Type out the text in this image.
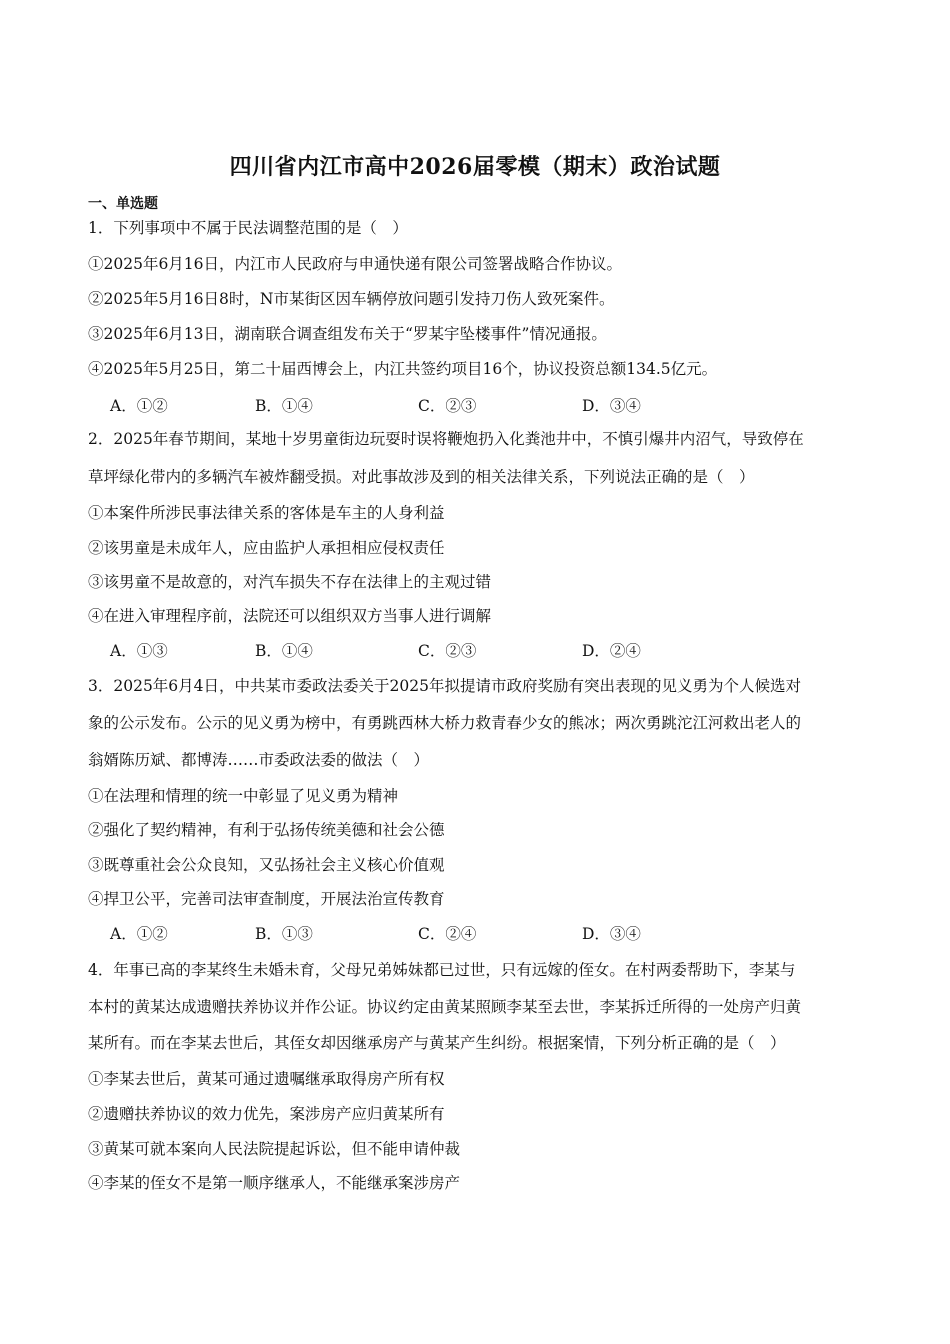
四川省内江市高中2026届零模（期末）政治试题
一、单选题
1．下列事项中不属于民法调整范围的是（　）
①2025年6月16日，内江市人民政府与申通快递有限公司签署战略合作协议。
②2025年5月16日8时，N市某街区因车辆停放问题引发持刀伤人致死案件。
③2025年6月13日，湖南联合调查组发布关于“罗某宇坠楼事件”情况通报。
④2025年5月25日，第二十届西博会上，内江共签约项目16个，协议投资总额134.5亿元。
A．①②	B．①④	C．②③	D．③④
2．2025年春节期间，某地十岁男童街边玩耍时误将鞭炮扔入化粪池井中，不慎引爆井内沼气，导致停在
草坪绿化带内的多辆汽车被炸翻受损。对此事故涉及到的相关法律关系，下列说法正确的是（　）
①本案件所涉民事法律关系的客体是车主的人身利益
②该男童是未成年人，应由监护人承担相应侵权责任
③该男童不是故意的，对汽车损失不存在法律上的主观过错
④在进入审理程序前，法院还可以组织双方当事人进行调解
A．①③	B．①④	C．②③	D．②④
3．2025年6月4日，中共某市委政法委关于2025年拟提请市政府奖励有突出表现的见义勇为个人候选对
象的公示发布。公示的见义勇为榜中，有勇跳西林大桥力救青春少女的熊冰；两次勇跳沱江河救出老人的
翁婿陈历斌、都博涛……市委政法委的做法（　）
①在法理和情理的统一中彰显了见义勇为精神
②强化了契约精神，有利于弘扬传统美德和社会公德
③既尊重社会公众良知，又弘扬社会主义核心价值观
④捍卫公平，完善司法审查制度，开展法治宣传教育
A．①②	B．①③	C．②④	D．③④
4．年事已高的李某终生未婚未育，父母兄弟姊妹都已过世，只有远嫁的侄女。在村两委帮助下，李某与
本村的黄某达成遗赠扶养协议并作公证。协议约定由黄某照顾李某至去世，李某拆迁所得的一处房产归黄
某所有。而在李某去世后，其侄女却因继承房产与黄某产生纠纷。根据案情，下列分析正确的是（　）
①李某去世后，黄某可通过遗嘱继承取得房产所有权
②遗赠扶养协议的效力优先，案涉房产应归黄某所有
③黄某可就本案向人民法院提起诉讼，但不能申请仲裁
④李某的侄女不是第一顺序继承人，不能继承案涉房产
